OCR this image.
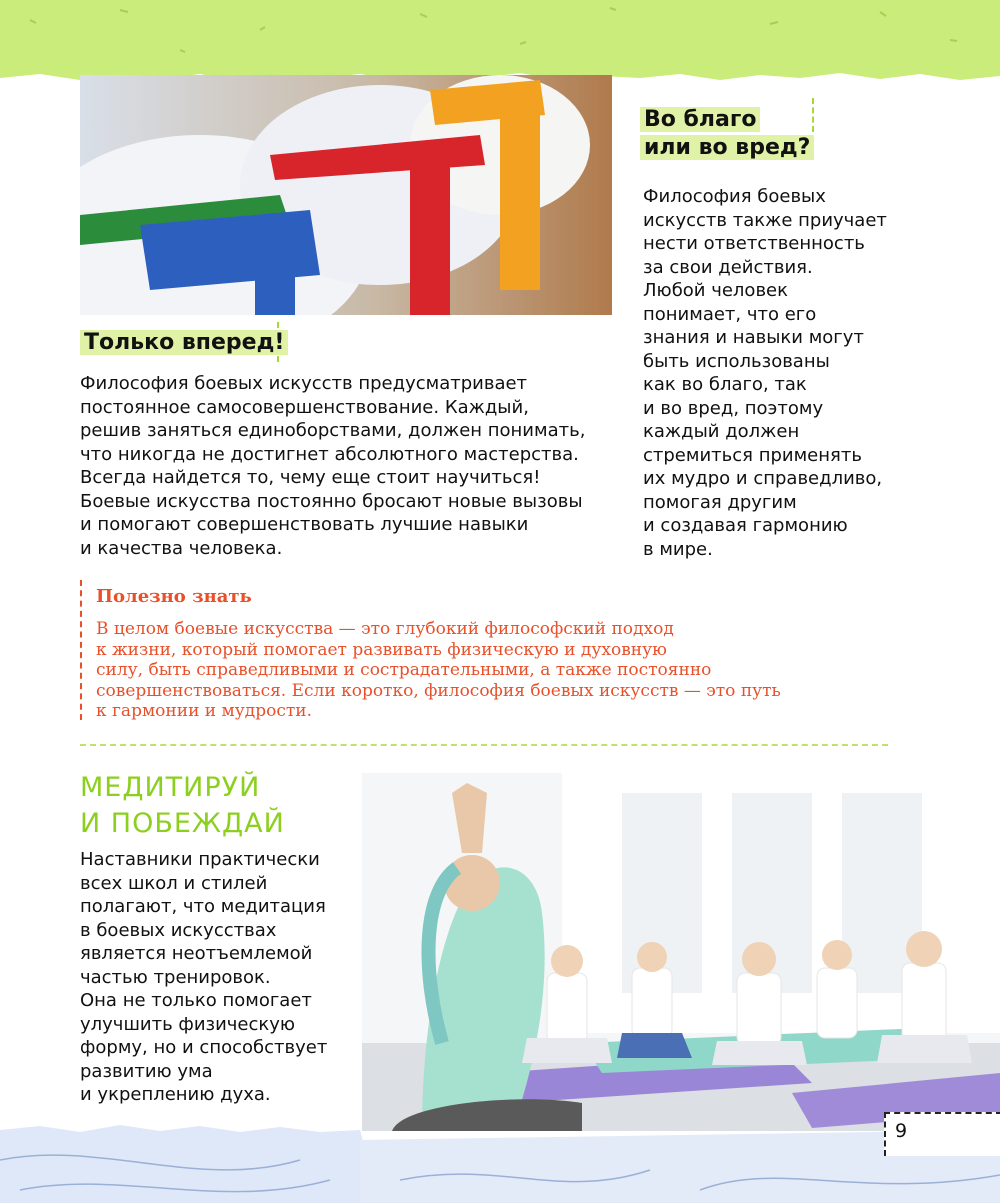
Только вперед!

Философия боевых искусств предусматривает
постоянное самосовершенствование. Каждый,
решив заняться единоборствами, должен понимать,
что никогда не достигнет абсолютного мастерства.
Всегда найдется то, чему еще стоит научиться!
Боевые искусства постоянно бросают новые вызовы
и помогают совершенствовать лучшие навыки
и качества человека.

Во благо
или во вред?

Философия боевых
искусств также приучает
нести ответственность
за свои действия.
Любой человек
понимает, что его
знания и навыки могут
быть использованы
как во благо, так
и во вред, поэтому
каждый должен
стремиться применять
их мудро и справедливо,
помогая другим
и создавая гармонию
в мире.

Полезно знать

В целом боевые искусства — это глубокий философский подход
к жизни, который помогает развивать физическую и духовную
силу, быть справедливыми и сострадательными, а также постоянно
совершенствоваться. Если коротко, философия боевых искусств — это путь
к гармонии и мудрости.

МЕДИТИРУЙ
И ПОБЕЖДАЙ

Наставники практически
всех школ и стилей
полагают, что медитация
в боевых искусствах
является неотъемлемой
частью тренировок.
Она не только помогает
улучшить физическую
форму, но и способствует
развитию ума
и укреплению духа.

9
